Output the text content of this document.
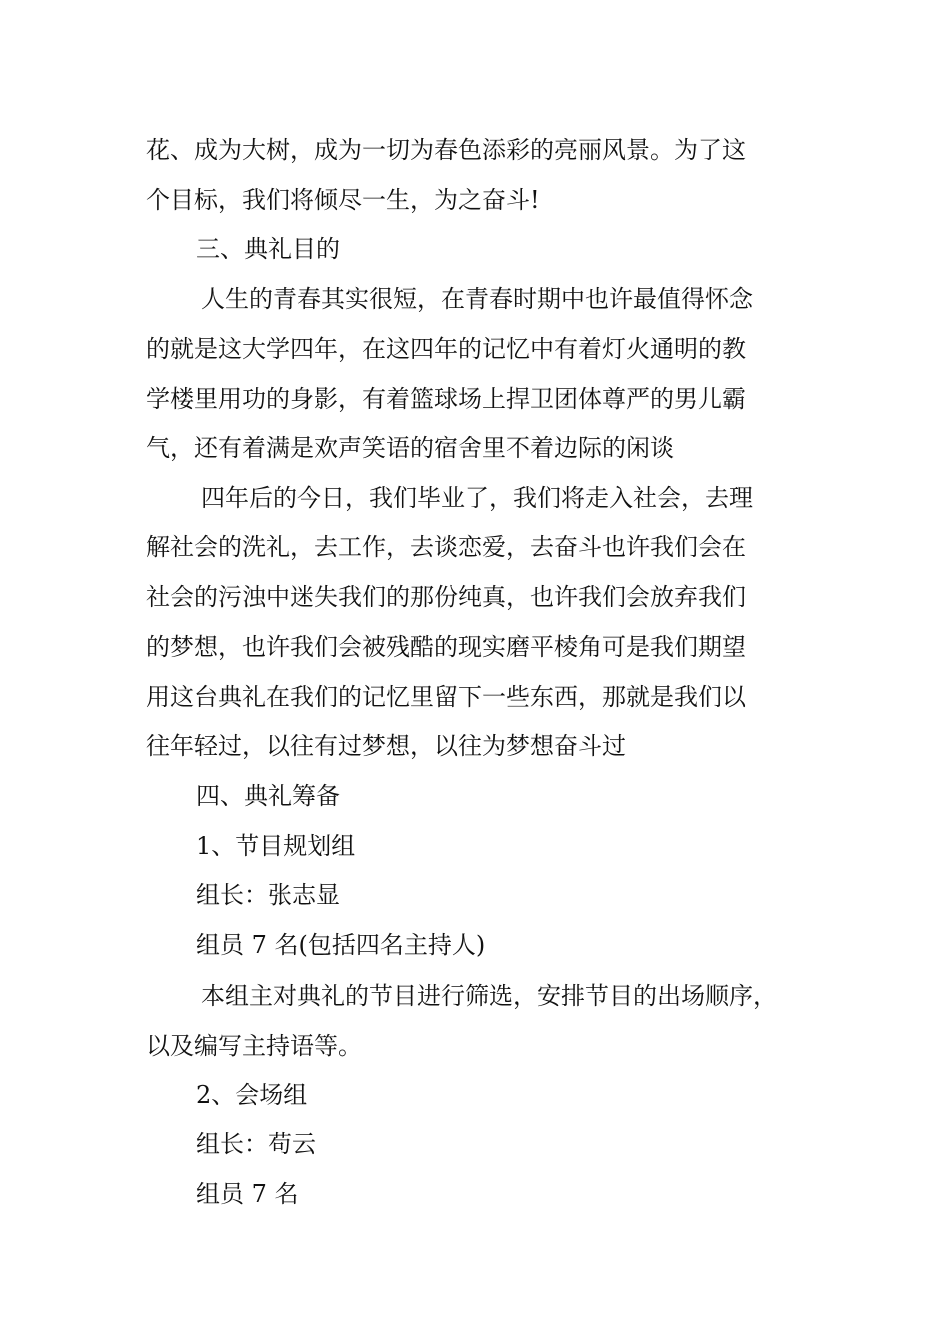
花、成为大树，成为一切为春色添彩的亮丽风景。为了这
个目标，我们将倾尽一生，为之奋斗!
三、典礼目的
人生的青春其实很短，在青春时期中也许最值得怀念
的就是这大学四年，在这四年的记忆中有着灯火通明的教
学楼里用功的身影，有着篮球场上捍卫团体尊严的男儿霸
气，还有着满是欢声笑语的宿舍里不着边际的闲谈
四年后的今日，我们毕业了，我们将走入社会，去理
解社会的洗礼，去工作，去谈恋爱，去奋斗也许我们会在
社会的污浊中迷失我们的那份纯真，也许我们会放弃我们
的梦想，也许我们会被残酷的现实磨平棱角可是我们期望
用这台典礼在我们的记忆里留下一些东西，那就是我们以
往年轻过，以往有过梦想，以往为梦想奋斗过
四、典礼筹备
1、节目规划组
组长：张志显
组员 7 名(包括四名主持人)
本组主对典礼的节目进行筛选，安排节目的出场顺序，
以及编写主持语等。
2、会场组
组长：苟云
组员 7 名
